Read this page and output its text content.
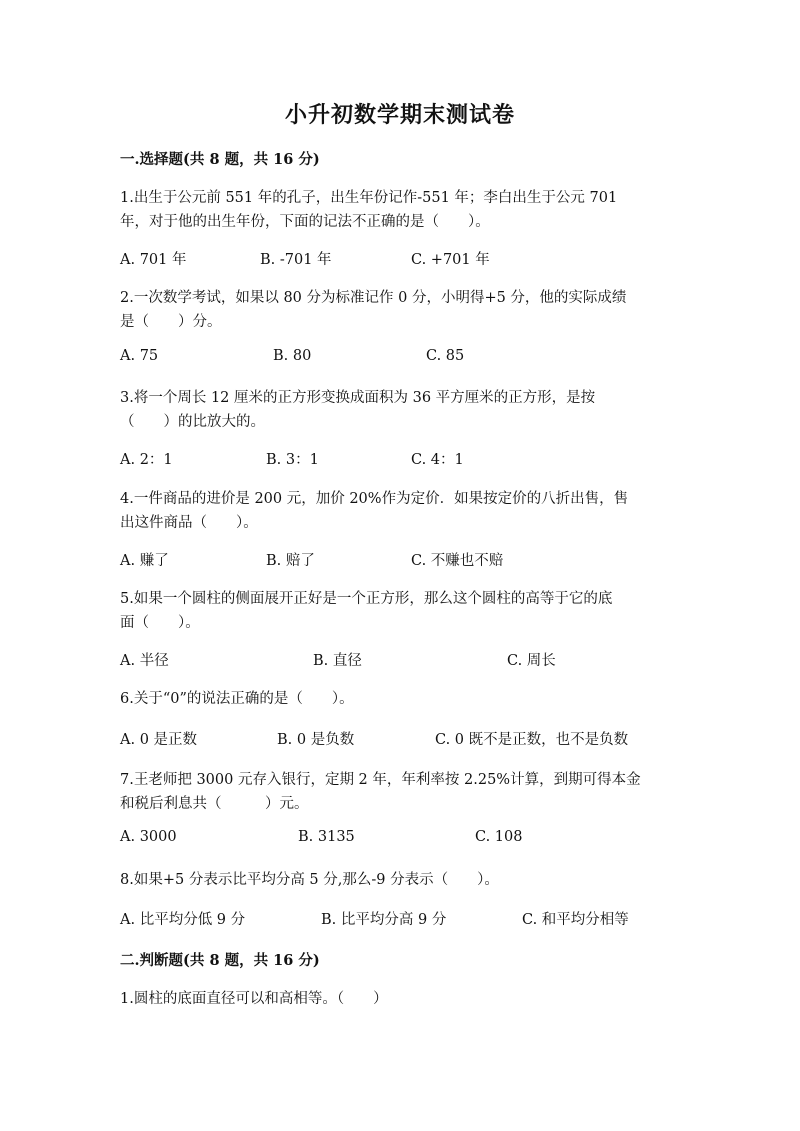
小升初数学期末测试卷
一.选择题(共 8 题，共 16 分)
1.出生于公元前 551 年的孔子，出生年份记作-551 年；李白出生于公元 701
年，对于他的出生年份，下面的记法不正确的是（　　）。
A. 701 年	B. -701 年	C. +701 年
2.一次数学考试，如果以 80 分为标准记作 0 分，小明得+5 分，他的实际成绩
是（　　）分。
A. 75	B. 80	C. 85
3.将一个周长 12 厘米的正方形变换成面积为 36 平方厘米的正方形，是按
（　　）的比放大的。
A. 2：1	B. 3：1	C. 4：1
4.一件商品的进价是 200 元，加价 20%作为定价．如果按定价的八折出售，售
出这件商品（　　）。
A. 赚了	B. 赔了	C. 不赚也不赔
5.如果一个圆柱的侧面展开正好是一个正方形，那么这个圆柱的高等于它的底
面（　　）。
A. 半径	B. 直径	C. 周长
6.关于“0”的说法正确的是（　　）。
A. 0 是正数	B. 0 是负数	C. 0 既不是正数，也不是负数
7.王老师把 3000 元存入银行，定期 2 年，年利率按 2.25%计算，到期可得本金
和税后利息共（　　　）元。
A. 3000	B. 3135	C. 108
8.如果+5 分表示比平均分高 5 分,那么-9 分表示（　　）。
A. 比平均分低 9 分	B. 比平均分高 9 分	C. 和平均分相等
二.判断题(共 8 题，共 16 分)
1.圆柱的底面直径可以和高相等。（　　）
